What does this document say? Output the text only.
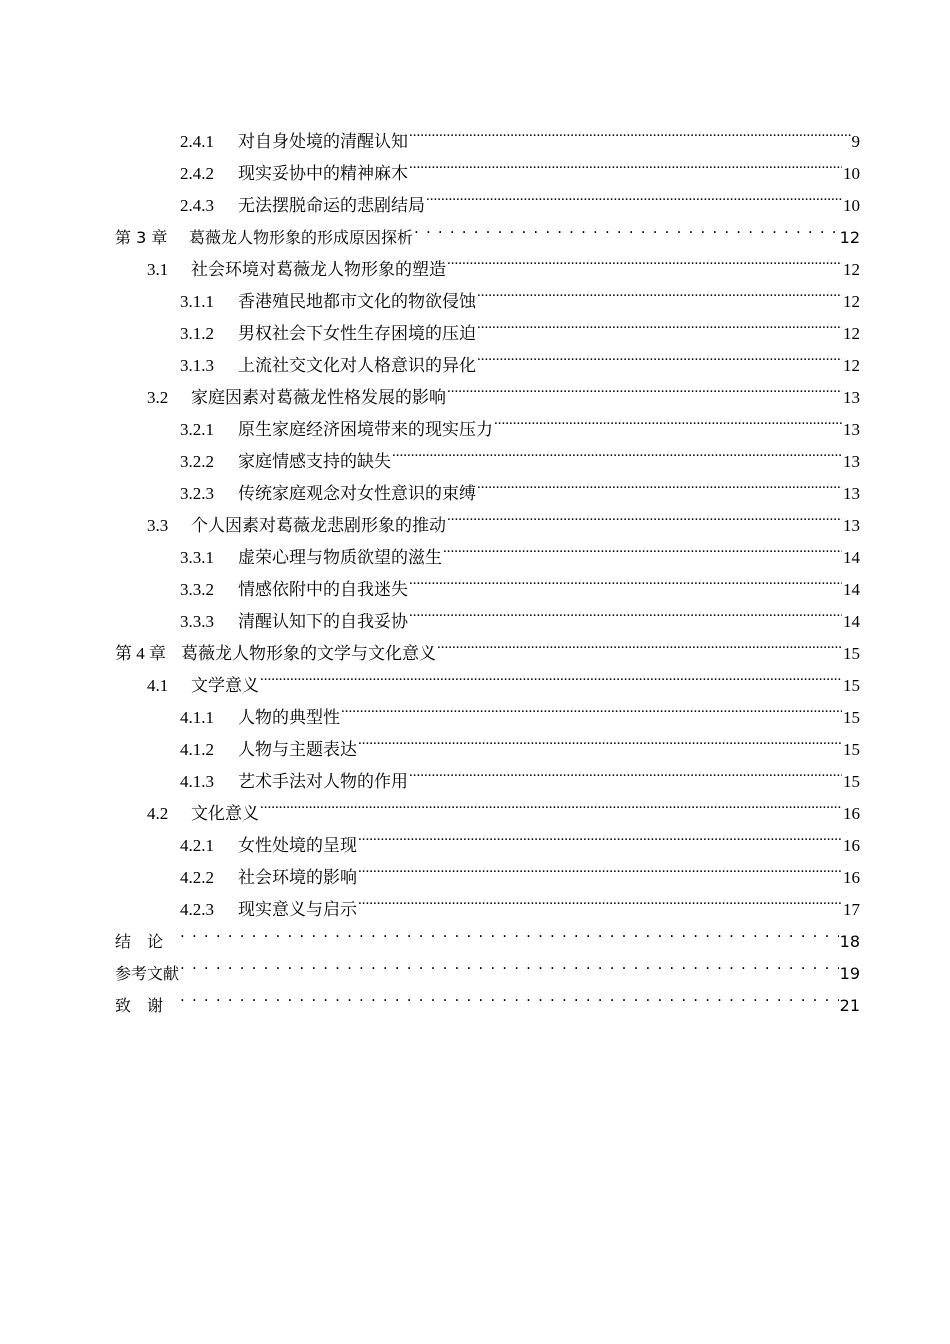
2.4.1	对自身处境的清醒认知 .....	9
2.4.2	现实妥协中的精神麻木 .....	10
2.4.3	无法摆脱命运的悲剧结局 .....	10
第 3 章	葛薇龙人物形象的形成原因探析 . . .	12
3.1	社会环境对葛薇龙人物形象的塑造 .....	12
3.1.1	香港殖民地都市文化的物欲侵蚀 .....	12
3.1.2	男权社会下女性生存困境的压迫 .....	12
3.1.3	上流社交文化对人格意识的异化 .....	12
3.2	家庭因素对葛薇龙性格发展的影响 .....	13
3.2.1	原生家庭经济困境带来的现实压力 .....	13
3.2.2	家庭情感支持的缺失 .....	13
3.2.3	传统家庭观念对女性意识的束缚 .....	13
3.3	个人因素对葛薇龙悲剧形象的推动 .....	13
3.3.1	虚荣心理与物质欲望的滋生 .....	14
3.3.2	情感依附中的自我迷失 .....	14
3.3.3	清醒认知下的自我妥协 .....	14
第 4 章 葛薇龙人物形象的文学与文化意义 .....	15
4.1	文学意义 .....	15
4.1.1	人物的典型性 .....	15
4.1.2	人物与主题表达 .....	15
4.1.3	艺术手法对人物的作用 .....	15
4.2	文化意义 .....	16
4.2.1	女性处境的呈现 .....	16
4.2.2	社会环境的影响 .....	16
4.2.3	现实意义与启示 .....	17
结论 . . .	18
参考文献 . . .	19
致谢 . . .	21
